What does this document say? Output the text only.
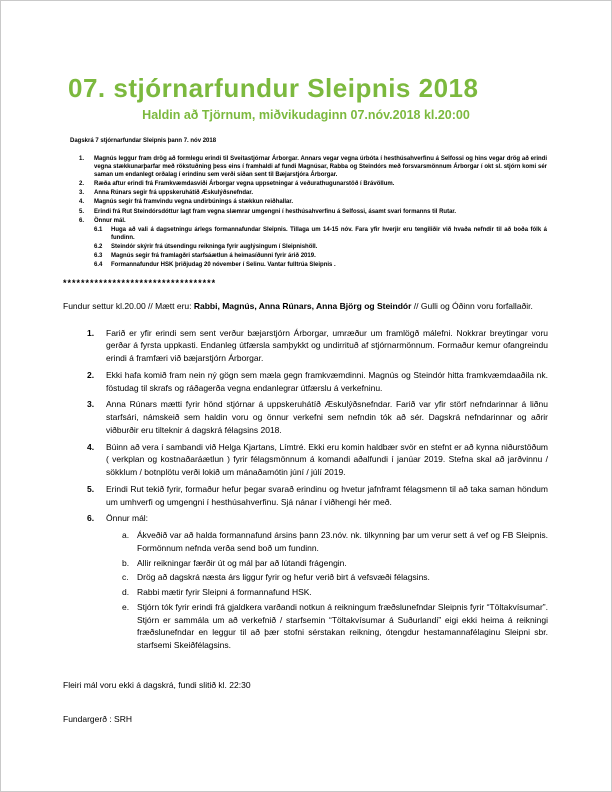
07. stjórnarfundur Sleipnis 2018
Haldin að Tjörnum, miðvikudaginn 07.nóv.2018 kl.20:00
Dagskrá 7 stjórnarfundar Sleipnis þann 7. nóv 2018
1.	Magnús leggur fram drög að formlegu erindi til Sveitastjórnar Árborgar. Annars vegar vegna úrbóta í hesthúsahverfinu á Selfossi og hins vegar drög að erindi vegna stækkunarþarfar með rökstuðning þess eins í framhaldi af fundi Magnúsar, Rabba og Steindórs með forsvarsmönnum Árborgar í okt sl. stjórn komi sér saman um endanlegt orðalag í erindinu sem verði síðan sent til Bæjarstjóra Árborgar.
2.	Ræða aftur erindi frá Framkvæmdasviði Árborgar vegna uppsetningar á veðurathugunarstöð í Brávöllum.
3.	Anna Rúnars segir frá uppskeruhátíð Æskulýðsnefndar.
4.	Magnús segir frá framvindu vegna undirbúnings á stækkun reiðhallar.
5.	Erindi frá Rut Steindórsdóttur lagt fram vegna slæmrar umgengni í hesthúsahverfinu á Selfossi, ásamt svari formanns til Rutar.
6.	Önnur mál.
6.1	Huga að vali á dagsetningu árlegs formannafundar Sleipnis. Tillaga um 14-15 nóv. Fara yfir hverjir eru tengiliðir við hvaða nefndir til að boða fólk á fundinn.
6.2	Steindór skýrir frá útsendingu reikninga fyrir auglýsingum í Sleipnishöll.
6.3	Magnús segir frá framlagðri starfsáætlun á heimasíðunni fyrir árið 2019.
6.4	Formannafundur HSK þriðjudag 20 nóvember í Selinu. Vantar fulltrúa Sleipnis .
**********************************

Fundur settur kl.20.00 // Mætt eru: Rabbi, Magnús, Anna Rúnars, Anna Björg og Steindór // Gulli og Óðinn voru forfallaðir.

1.	Farið er yfir erindi sem sent verður bæjarstjórn Árborgar, umræður um framlögð málefni. Nokkrar breytingar voru gerðar á fyrsta uppkasti. Endanleg útfærsla samþykkt og undirrituð af stjórnarmönnum. Formaður kemur ofangreindu erindi á framfæri við bæjarstjórn Árborgar.
2.	Ekki hafa komið fram nein ný gögn sem mæla gegn framkvæmdinni. Magnús og Steindór hitta framkvæmdaaðila nk. föstudag til skrafs og ráðagerða vegna endanlegrar útfærslu á verkefninu.
3.	Anna Rúnars mætti fyrir hönd stjórnar á uppskeruhátíð Æskulýðsnefndar. Farið var yfir störf nefndarinnar á liðnu starfsári, námskeið sem haldin voru og önnur verkefni sem nefndin tók að sér. Dagskrá nefndarinnar og aðrir viðburðir eru tilteknir á dagskrá félagsins 2018.
4.	Búinn að vera í sambandi við Helga Kjartans, Límtré. Ekki eru komin haldbær svör en stefnt er að kynna niðurstöðum ( verkplan og kostnaðaráætlun ) fyrir félagsmönnum á komandi aðalfundi í janúar 2019. Stefna skal að jarðvinnu / sökklum / botnplötu verði lokið um mánaðamótin júní / júlí 2019.
5.	Erindi Rut tekið fyrir, formaður hefur þegar svarað erindinu og hvetur jafnframt félagsmenn til að taka saman höndum um umhverfi og umgengni í hesthúsahverfinu. Sjá nánar í viðhengi hér með.
6.	Önnur mál:
a. Ákveðið var að halda formannafund ársins þann 23.nóv. nk. tilkynning þar um verur sett á vef og FB Sleipnis. Formönnum nefnda verða send boð um fundinn.
b. Allir reikningar færðir út og mál þar að lútandi frágengin.
c. Drög að dagskrá næsta árs liggur fyrir og hefur verið birt á vefsvæði félagsins.
d. Rabbi mætir fyrir Sleipni á formannafund HSK.
e. Stjórn tók fyrir erindi frá gjaldkera varðandi notkun á reikningum fræðslunefndar Sleipnis fyrir “Töltakvísumar”. Stjórn er sammála um að verkefnið / starfsemin “Töltakvísumar á Suðurlandi” eigi ekki heima á reikningi fræðslunefndar en leggur til að þær stofni sérstakan reikning, ótengdur hestamannafélaginu Sleipni sbr. starfsemi Skeiðfélagsins.

Fleiri mál voru ekki á dagskrá, fundi slitið kl. 22:30

Fundargerð : SRH
